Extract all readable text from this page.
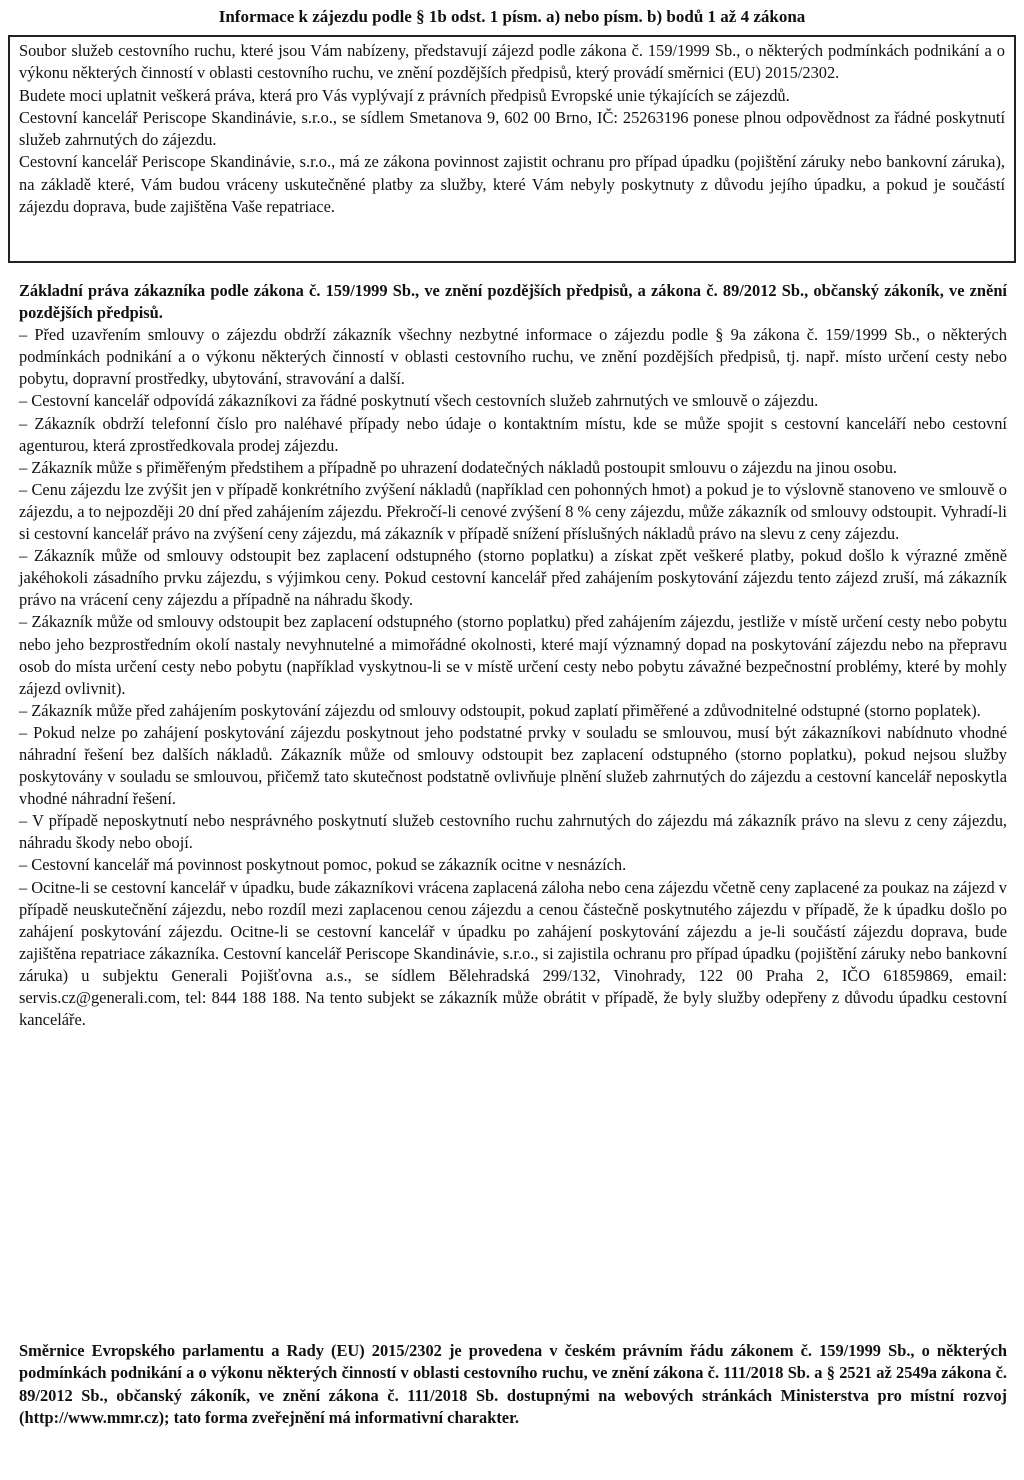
Informace k zájezdu podle § 1b odst. 1 písm. a) nebo písm. b) bodů 1 až 4 zákona

Soubor služeb cestovního ruchu, které jsou Vám nabízeny, představují zájezd podle zákona č. 159/1999 Sb., o některých podmínkách podnikání a o výkonu některých činností v oblasti cestovního ruchu, ve znění pozdějších předpisů, který provádí směrnici (EU) 2015/2302.

Budete moci uplatnit veškerá práva, která pro Vás vyplývají z právních předpisů Evropské unie týkajících se zájezdů.

Cestovní kancelář Periscope Skandinávie, s.r.o., se sídlem Smetanova 9, 602 00 Brno, IČ: 25263196 ponese plnou odpovědnost za řádné poskytnutí služeb zahrnutých do zájezdu.

Cestovní kancelář Periscope Skandinávie, s.r.o., má ze zákona povinnost zajistit ochranu pro případ úpadku (pojištění záruky nebo bankovní záruka), na základě které, Vám budou vráceny uskutečněné platby za služby, které Vám nebyly poskytnuty z důvodu jejího úpadku, a pokud je součástí zájezdu doprava, bude zajištěna Vaše repatriace.

Základní práva zákazníka podle zákona č. 159/1999 Sb., ve znění pozdějších předpisů, a zákona č. 89/2012 Sb., občanský zákoník, ve znění pozdějších předpisů.

– Před uzavřením smlouvy o zájezdu obdrží zákazník všechny nezbytné informace o zájezdu podle § 9a zákona č. 159/1999 Sb., o některých podmínkách podnikání a o výkonu některých činností v oblasti cestovního ruchu, ve znění pozdějších předpisů, tj. např. místo určení cesty nebo pobytu, dopravní prostředky, ubytování, stravování a další.

– Cestovní kancelář odpovídá zákazníkovi za řádné poskytnutí všech cestovních služeb zahrnutých ve smlouvě o zájezdu.

– Zákazník obdrží telefonní číslo pro naléhavé případy nebo údaje o kontaktním místu, kde se může spojit s cestovní kanceláří nebo cestovní agenturou, která zprostředkovala prodej zájezdu.

– Zákazník může s přiměřeným předstihem a případně po uhrazení dodatečných nákladů postoupit smlouvu o zájezdu na jinou osobu.

– Cenu zájezdu lze zvýšit jen v případě konkrétního zvýšení nákladů (například cen pohonných hmot) a pokud je to výslovně stanoveno ve smlouvě o zájezdu, a to nejpozději 20 dní před zahájením zájezdu. Překročí-li cenové zvýšení 8 % ceny zájezdu, může zákazník od smlouvy odstoupit. Vyhradí-li si cestovní kancelář právo na zvýšení ceny zájezdu, má zákazník v případě snížení příslušných nákladů právo na slevu z ceny zájezdu.

– Zákazník může od smlouvy odstoupit bez zaplacení odstupného (storno poplatku) a získat zpět veškeré platby, pokud došlo k výrazné změně jakéhokoli zásadního prvku zájezdu, s výjimkou ceny. Pokud cestovní kancelář před zahájením poskytování zájezdu tento zájezd zruší, má zákazník právo na vrácení ceny zájezdu a případně na náhradu škody.

– Zákazník může od smlouvy odstoupit bez zaplacení odstupného (storno poplatku) před zahájením zájezdu, jestliže v místě určení cesty nebo pobytu nebo jeho bezprostředním okolí nastaly nevyhnutelné a mimořádné okolnosti, které mají významný dopad na poskytování zájezdu nebo na přepravu osob do místa určení cesty nebo pobytu (například vyskytnou-li se v místě určení cesty nebo pobytu závažné bezpečnostní problémy, které by mohly zájezd ovlivnit).

– Zákazník může před zahájením poskytování zájezdu od smlouvy odstoupit, pokud zaplatí přiměřené a zdůvodnitelné odstupné (storno poplatek).

– Pokud nelze po zahájení poskytování zájezdu poskytnout jeho podstatné prvky v souladu se smlouvou, musí být zákazníkovi nabídnuto vhodné náhradní řešení bez dalších nákladů. Zákazník může od smlouvy odstoupit bez zaplacení odstupného (storno poplatku), pokud nejsou služby poskytovány v souladu se smlouvou, přičemž tato skutečnost podstatně ovlivňuje plnění služeb zahrnutých do zájezdu a cestovní kancelář neposkytla vhodné náhradní řešení.

– V případě neposkytnutí nebo nesprávného poskytnutí služeb cestovního ruchu zahrnutých do zájezdu má zákazník právo na slevu z ceny zájezdu, náhradu škody nebo obojí.

– Cestovní kancelář má povinnost poskytnout pomoc, pokud se zákazník ocitne v nesnázích.

– Ocitne-li se cestovní kancelář v úpadku, bude zákazníkovi vrácena zaplacená záloha nebo cena zájezdu včetně ceny zaplacené za poukaz na zájezd v případě neuskutečnění zájezdu, nebo rozdíl mezi zaplacenou cenou zájezdu a cenou částečně poskytnutého zájezdu v případě, že k úpadku došlo po zahájení poskytování zájezdu. Ocitne-li se cestovní kancelář v úpadku po zahájení poskytování zájezdu a je-li součástí zájezdu doprava, bude zajištěna repatriace zákazníka. Cestovní kancelář Periscope Skandinávie, s.r.o., si zajistila ochranu pro případ úpadku (pojištění záruky nebo bankovní záruka) u subjektu Generali Pojišťovna a.s., se sídlem Bělehradská 299/132, Vinohrady, 122 00 Praha 2, IČO 61859869, email: servis.cz@generali.com, tel: 844 188 188. Na tento subjekt se zákazník může obrátit v případě, že byly služby odepřeny z důvodu úpadku cestovní kanceláře.

Směrnice Evropského parlamentu a Rady (EU) 2015/2302 je provedena v českém právním řádu zákonem č. 159/1999 Sb., o některých podmínkách podnikání a o výkonu některých činností v oblasti cestovního ruchu, ve znění zákona č. 111/2018 Sb. a § 2521 až 2549a zákona č. 89/2012 Sb., občanský zákoník, ve znění zákona č. 111/2018 Sb. dostupnými na webových stránkách Ministerstva pro místní rozvoj (http://www.mmr.cz); tato forma zveřejnění má informativní charakter.
